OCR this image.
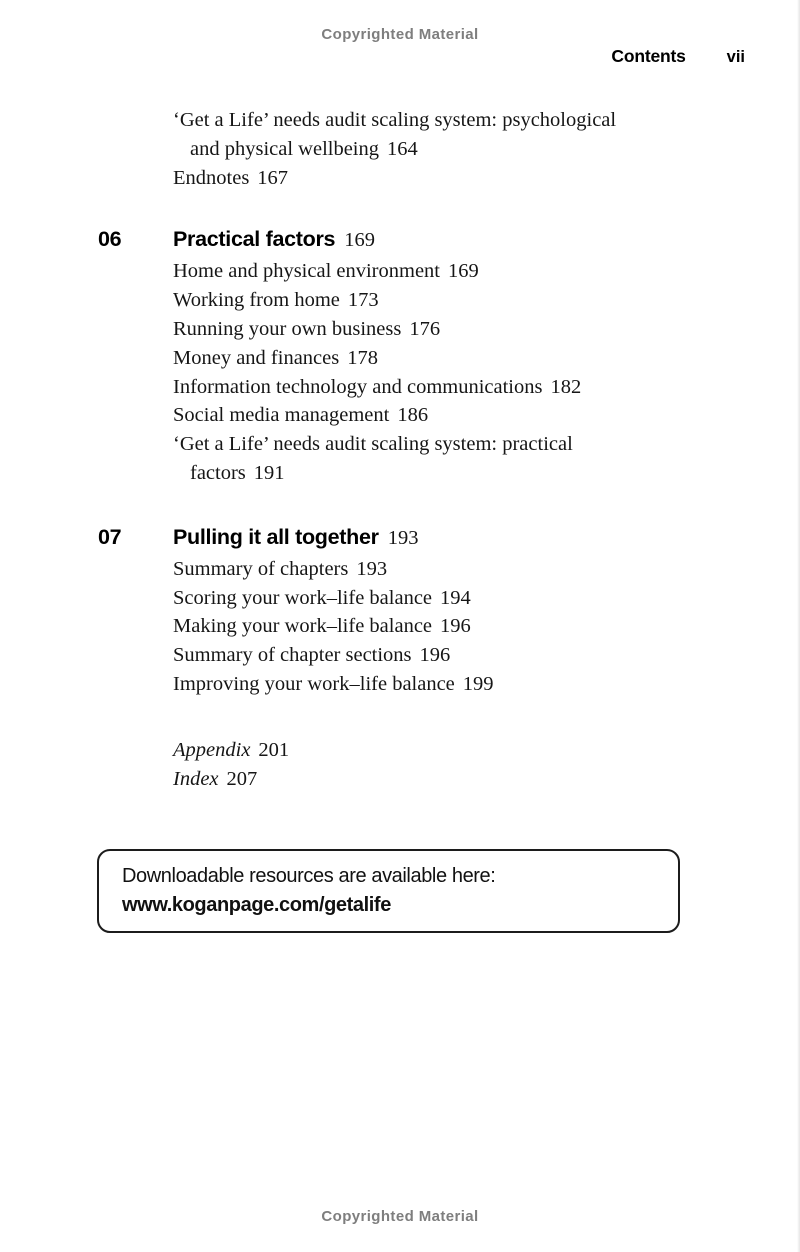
Copyrighted Material
Contents vii
‘Get a Life’ needs audit scaling system: psychological
and physical wellbeing 164
Endnotes 167
06 Practical factors 169
Home and physical environment 169
Working from home 173
Running your own business 176
Money and finances 178
Information technology and communications 182
Social media management 186
‘Get a Life’ needs audit scaling system: practical
factors 191
07 Pulling it all together 193
Summary of chapters 193
Scoring your work–life balance 194
Making your work–life balance 196
Summary of chapter sections 196
Improving your work–life balance 199
Appendix 201
Index 207
Downloadable resources are available here:
www.koganpage.com/getalife
Copyrighted Material
